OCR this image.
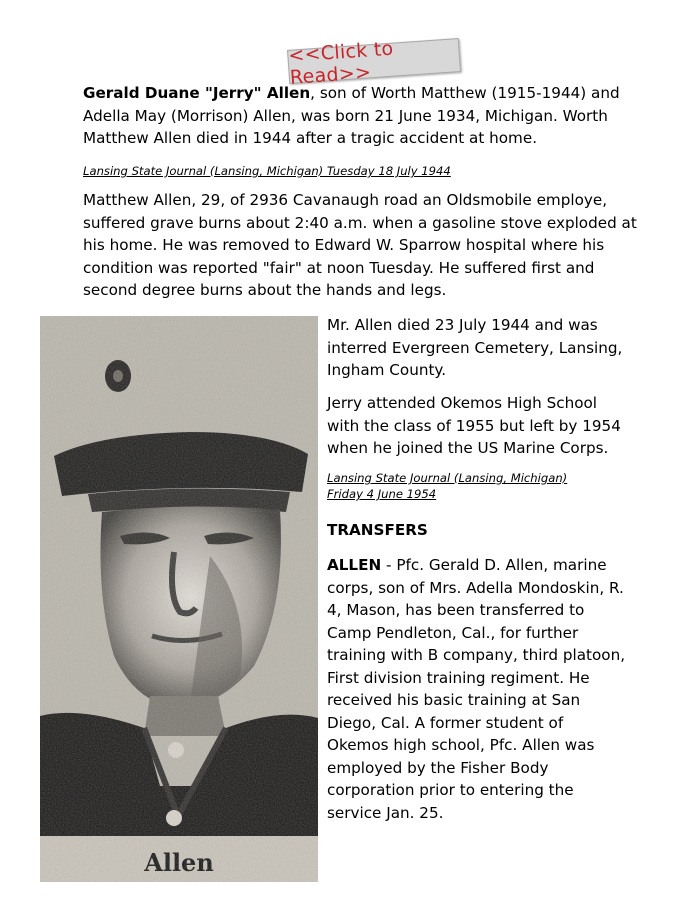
<<Click to Read>>

Gerald Duane "Jerry" Allen, son of Worth Matthew (1915-1944) and Adella May (Morrison) Allen, was born 21 June 1934, Michigan. Worth Matthew Allen died in 1944 after a tragic accident at home.

Lansing State Journal (Lansing, Michigan) Tuesday 18 July 1944

Matthew Allen, 29, of 2936 Cavanaugh road an Oldsmobile employe, suffered grave burns about 2:40 a.m. when a gasoline stove exploded at his home. He was removed to Edward W. Sparrow hospital where his condition was reported "fair" at noon Tuesday. He suffered first and second degree burns about the hands and legs.

Mr. Allen died 23 July 1944 and was interred Evergreen Cemetery, Lansing, Ingham County.

Jerry attended Okemos High School with the class of 1955 but left by 1954 when he joined the US Marine Corps.

Lansing State Journal (Lansing, Michigan)
Friday 4 June 1954

TRANSFERS

ALLEN - Pfc. Gerald D. Allen, marine corps, son of Mrs. Adella Mondoskin, R. 4, Mason, has been transferred to Camp Pendleton, Cal., for further training with B company, third platoon, First division training regiment. He received his basic training at San Diego, Cal. A former student of Okemos high school, Pfc. Allen was employed by the Fisher Body corporation prior to entering the service Jan. 25.
